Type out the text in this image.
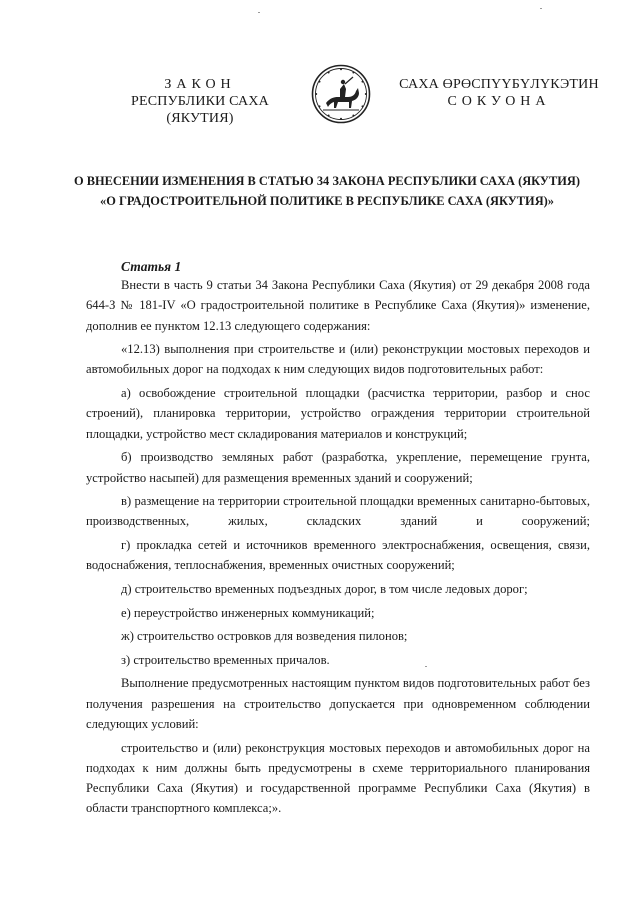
ЗАКОН
РЕСПУБЛИКИ САХА (ЯКУТИЯ)
САХА ӨРӨСПҮҮБҮЛҮКЭТИН
СОКУОНА
О ВНЕСЕНИИ ИЗМЕНЕНИЯ В СТАТЬЮ 34 ЗАКОНА РЕСПУБЛИКИ САХА (ЯКУТИЯ)
«О ГРАДОСТРОИТЕЛЬНОЙ ПОЛИТИКЕ В РЕСПУБЛИКЕ САХА (ЯКУТИЯ)»
Статья 1

Внести в часть 9 статьи 34 Закона Республики Саха (Якутия) от 29 декабря 2008 года 644-З № 181-IV «О градостроительной политике в Республике Саха (Якутия)» изменение, дополнив ее пунктом 12.13 следующего содержания:

«12.13) выполнения при строительстве и (или) реконструкции мостовых переходов и автомобильных дорог на подходах к ним следующих видов подготовительных работ:

а) освобождение строительной площадки (расчистка территории, разбор и снос строений), планировка территории, устройство ограждения территории строительной площадки, устройство мест складирования материалов и конструкций;

б) производство земляных работ (разработка, укрепление, перемещение грунта, устройство насыпей) для размещения временных зданий и сооружений;

в) размещение на территории строительной площадки временных санитарно-бытовых, производственных, жилых, складских зданий и сооружений;

г) прокладка сетей и источников временного электроснабжения, освещения, связи, водоснабжения, теплоснабжения, временных очистных сооружений;

д) строительство временных подъездных дорог, в том числе ледовых дорог;

е) переустройство инженерных коммуникаций;

ж) строительство островков для возведения пилонов;

з) строительство временных причалов.

Выполнение предусмотренных настоящим пунктом видов подготовительных работ без получения разрешения на строительство допускается при одновременном соблюдении следующих условий:

строительство и (или) реконструкция мостовых переходов и автомобильных дорог на подходах к ним должны быть предусмотрены в схеме территориального планирования Республики Саха (Якутия) и государственной программе Республики Саха (Якутия) в области транспортного комплекса;».
